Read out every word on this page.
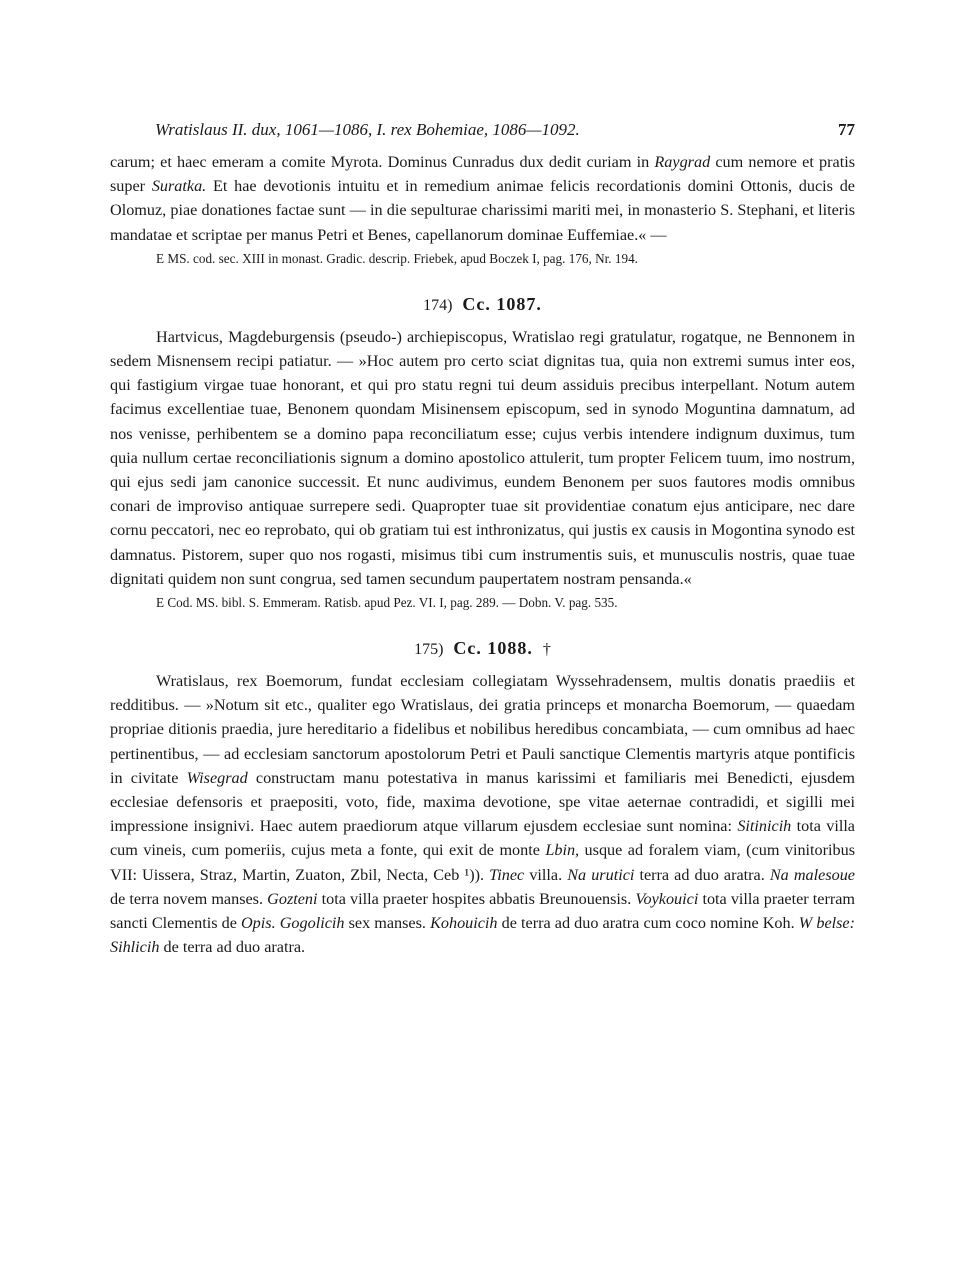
Wratislaus II. dux, 1061—1086, I. rex Bohemiae, 1086—1092.	77

carum; et haec emeram a comite Myrota. Dominus Cunradus dux dedit curiam in Raygrad cum nemore et pratis super Suratka. Et hae devotionis intuitu et in remedium animae felicis recordationis domini Ottonis, ducis de Olomuz, piae donationes factae sunt — in die sepulturae charissimi mariti mei, in monasterio S. Stephani, et literis mandatae et scriptae per manus Petri et Benes, capellanorum dominae Euffemiae.« —

E MS. cod. sec. XIII in monast. Gradic. descrip. Friebek, apud Boczek I, pag. 176, Nr. 194.

174) Cc. 1087.

Hartvicus, Magdeburgensis (pseudo-) archiepiscopus, Wratislao regi gratulatur, rogatque, ne Bennonem in sedem Misnensem recipi patiatur. — »Hoc autem pro certo sciat dignitas tua, quia non extremi sumus inter eos, qui fastigium virgae tuae honorant, et qui pro statu regni tui deum assiduis precibus interpellant. Notum autem facimus excellentiae tuae, Benonem quondam Misinensem episcopum, sed in synodo Moguntina damnatum, ad nos venisse, perhibentem se a domino papa reconciliatum esse; cujus verbis intendere indignum duximus, tum quia nullum certae reconciliationis signum a domino apostolico attulerit, tum propter Felicem tuum, imo nostrum, qui ejus sedi jam canonice successit. Et nunc audivimus, eundem Benonem per suos fautores modis omnibus conari de improviso antiquae surrepere sedi. Quapropter tuae sit providentiae conatum ejus anticipare, nec dare cornu peccatori, nec eo reprobato, qui ob gratiam tui est inthronizatus, qui justis ex causis in Mogontina synodo est damnatus. Pistorem, super quo nos rogasti, misimus tibi cum instrumentis suis, et munusculis nostris, quae tuae dignitati quidem non sunt congrua, sed tamen secundum paupertatem nostram pensanda.«

E Cod. MS. bibl. S. Emmeram. Ratisb. apud Pez. VI. I, pag. 289. — Dobn. V. pag. 535.

175) Cc. 1088. †

Wratislaus, rex Boemorum, fundat ecclesiam collegiatam Wyssehradensem, multis donatis praediis et redditibus. — »Notum sit etc., qualiter ego Wratislaus, dei gratia princeps et monarcha Boemorum, — quaedam propriae ditionis praedia, jure hereditario a fidelibus et nobilibus heredibus concambiata, — cum omnibus ad haec pertinentibus, — ad ecclesiam sanctorum apostolorum Petri et Pauli sanctique Clementis martyris atque pontificis in civitate Wisegrad constructam manu potestativa in manus karissimi et familiaris mei Benedicti, ejusdem ecclesiae defensoris et praepositi, voto, fide, maxima devotione, spe vitae aeternae contradidi, et sigilli mei impressione insignivi. Haec autem praediorum atque villarum ejusdem ecclesiae sunt nomina: Sitinicih tota villa cum vineis, cum pomeriis, cujus meta a fonte, qui exit de monte Lbin, usque ad foralem viam, (cum vinitoribus VII: Uissera, Straz, Martin, Zuaton, Zbil, Necta, Ceb ¹)). Tinec villa. Na urutici terra ad duo aratra. Na malesoue de terra novem manses. Gozteni tota villa praeter hospites abbatis Breunouensis. Voykouici tota villa praeter terram sancti Clementis de Opis. Gogolicih sex manses. Kohouicih de terra ad duo aratra cum coco nomine Koh. W belse: Sihlicih de terra ad duo aratra.
